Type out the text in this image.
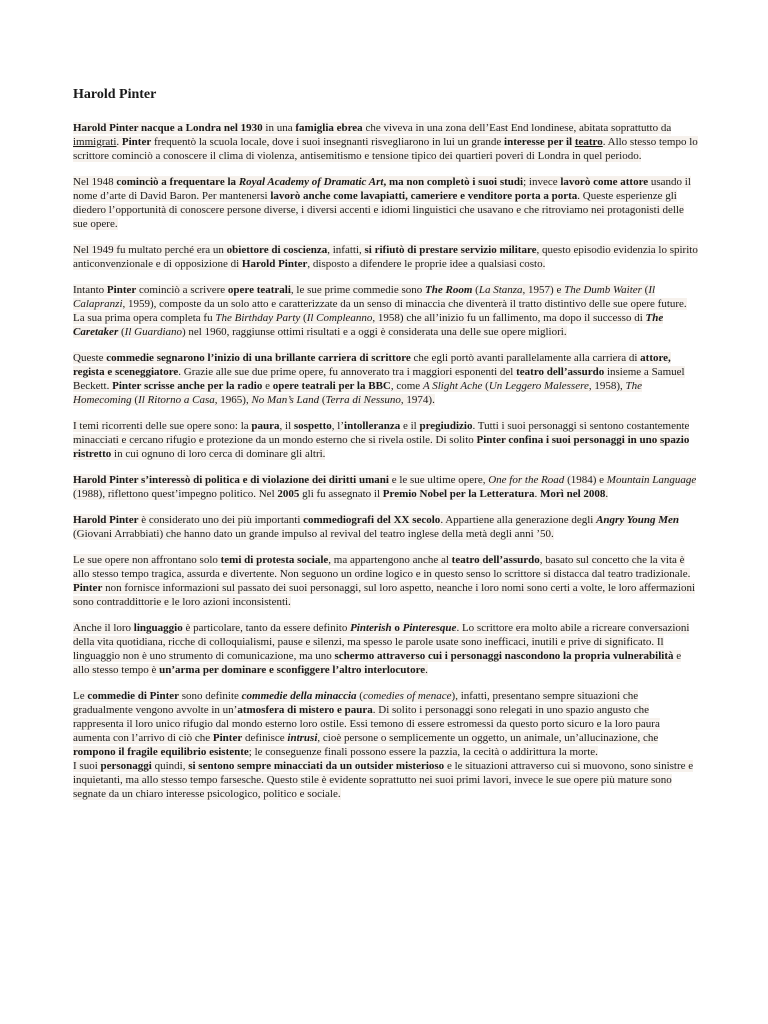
Harold Pinter

Harold Pinter nacque a Londra nel 1930 in una famiglia ebrea che viveva in una zona dell’East End londinese, abitata soprattutto da immigrati. Pinter frequentò la scuola locale, dove i suoi insegnanti risvegliarono in lui un grande interesse per il teatro. Allo stesso tempo lo scrittore cominciò a conoscere il clima di violenza, antisemitismo e tensione tipico dei quartieri poveri di Londra in quel periodo.

Nel 1948 cominciò a frequentare la Royal Academy of Dramatic Art, ma non completò i suoi studi; invece lavorò come attore usando il nome d’arte di David Baron. Per mantenersi lavorò anche come lavapiatti, cameriere e venditore porta a porta. Queste esperienze gli diedero l’opportunità di conoscere persone diverse, i diversi accenti e idiomi linguistici che usavano e che ritroviamo nei protagonisti delle sue opere.

Nel 1949 fu multato perché era un obiettore di coscienza, infatti, si rifiutò di prestare servizio militare, questo episodio evidenzia lo spirito anticonvenzionale e di opposizione di Harold Pinter, disposto a difendere le proprie idee a qualsiasi costo.

Intanto Pinter cominciò a scrivere opere teatrali, le sue prime commedie sono The Room (La Stanza, 1957) e The Dumb Waiter (Il Calapranzi, 1959), composte da un solo atto e caratterizzate da un senso di minaccia che diventerà il tratto distintivo delle sue opere future. La sua prima opera completa fu The Birthday Party (Il Compleanno, 1958) che all’inizio fu un fallimento, ma dopo il successo di The Caretaker (Il Guardiano) nel 1960, raggiunse ottimi risultati e a oggi è considerata una delle sue opere migliori.

Queste commedie segnarono l’inizio di una brillante carriera di scrittore che egli portò avanti parallelamente alla carriera di attore, regista e sceneggiatore. Grazie alle sue due prime opere, fu annoverato tra i maggiori esponenti del teatro dell’assurdo insieme a Samuel Beckett. Pinter scrisse anche per la radio e opere teatrali per la BBC, come A Slight Ache (Un Leggero Malessere, 1958), The Homecoming (Il Ritorno a Casa, 1965), No Man’s Land (Terra di Nessuno, 1974).

I temi ricorrenti delle sue opere sono: la paura, il sospetto, l’intolleranza e il pregiudizio. Tutti i suoi personaggi si sentono costantemente minacciati e cercano rifugio e protezione da un mondo esterno che si rivela ostile. Di solito Pinter confina i suoi personaggi in uno spazio ristretto in cui ognuno di loro cerca di dominare gli altri.

Harold Pinter s’interessò di politica e di violazione dei diritti umani e le sue ultime opere, One for the Road (1984) e Mountain Language (1988), riflettono quest’impegno politico. Nel 2005 gli fu assegnato il Premio Nobel per la Letteratura. Morì nel 2008.

Harold Pinter è considerato uno dei più importanti commediografi del XX secolo. Appartiene alla generazione degli Angry Young Men (Giovani Arrabbiati) che hanno dato un grande impulso al revival del teatro inglese della metà degli anni ’50.

Le sue opere non affrontano solo temi di protesta sociale, ma appartengono anche al teatro dell’assurdo, basato sul concetto che la vita è allo stesso tempo tragica, assurda e divertente. Non seguono un ordine logico e in questo senso lo scrittore si distacca dal teatro tradizionale. Pinter non fornisce informazioni sul passato dei suoi personaggi, sul loro aspetto, neanche i loro nomi sono certi a volte, le loro affermazioni sono contraddittorie e le loro azioni inconsistenti.

Anche il loro linguaggio è particolare, tanto da essere definito Pinterish o Pinteresque. Lo scrittore era molto abile a ricreare conversazioni della vita quotidiana, ricche di colloquialismi, pause e silenzi, ma spesso le parole usate sono inefficaci, inutili e prive di significato. Il linguaggio non è uno strumento di comunicazione, ma uno schermo attraverso cui i personaggi nascondono la propria vulnerabilità e allo stesso tempo è un’arma per dominare e sconfiggere l’altro interlocutore.

Le commedie di Pinter sono definite commedie della minaccia (comedies of menace), infatti, presentano sempre situazioni che gradualmente vengono avvolte in un’atmosfera di mistero e paura. Di solito i personaggi sono relegati in uno spazio angusto che rappresenta il loro unico rifugio dal mondo esterno loro ostile. Essi temono di essere estromessi da questo porto sicuro e la loro paura aumenta con l’arrivo di ciò che Pinter definisce intrusi, cioè persone o semplicemente un oggetto, un animale, un’allucinazione, che rompono il fragile equilibrio esistente; le conseguenze finali possono essere la pazzia, la cecità o addirittura la morte.
I suoi personaggi quindi, si sentono sempre minacciati da un outsider misterioso e le situazioni attraverso cui si muovono, sono sinistre e inquietanti, ma allo stesso tempo farsesche. Questo stile è evidente soprattutto nei suoi primi lavori, invece le sue opere più mature sono segnate da un chiaro interesse psicologico, politico e sociale.
